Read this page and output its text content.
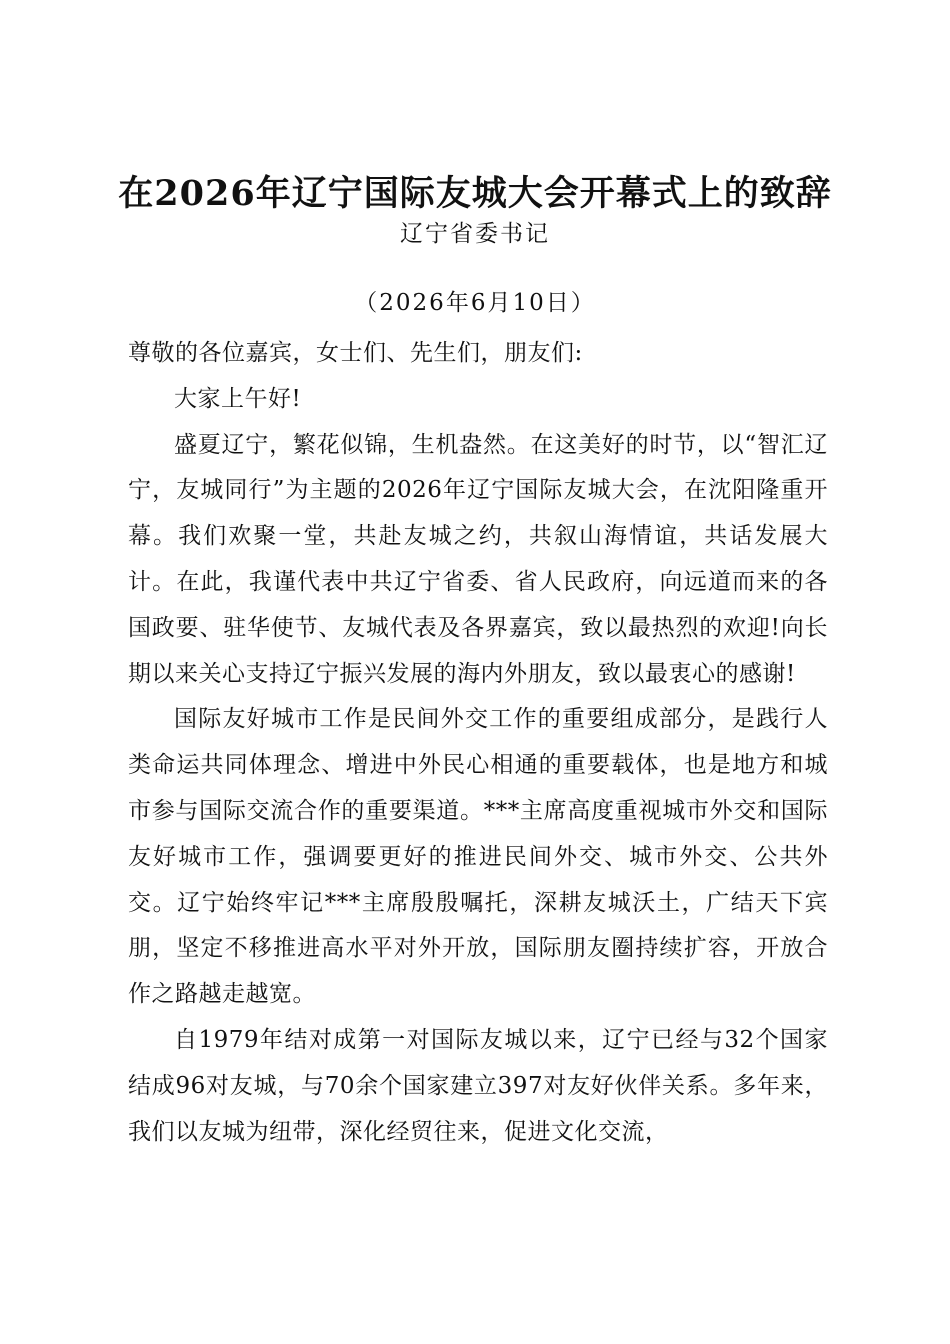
在2026年辽宁国际友城大会开幕式上的致辞
辽宁省委书记
（2026年6月10日）

尊敬的各位嘉宾，女士们、先生们，朋友们:

大家上午好!

盛夏辽宁，繁花似锦，生机盎然。在这美好的时节，以“智汇辽宁，友城同行”为主题的2026年辽宁国际友城大会，在沈阳隆重开幕。我们欢聚一堂，共赴友城之约，共叙山海情谊，共话发展大计。在此，我谨代表中共辽宁省委、省人民政府，向远道而来的各国政要、驻华使节、友城代表及各界嘉宾，致以最热烈的欢迎!向长期以来关心支持辽宁振兴发展的海内外朋友，致以最衷心的感谢!

国际友好城市工作是民间外交工作的重要组成部分，是践行人类命运共同体理念、增进中外民心相通的重要载体，也是地方和城市参与国际交流合作的重要渠道。***主席高度重视城市外交和国际友好城市工作，强调要更好的推进民间外交、城市外交、公共外交。辽宁始终牢记***主席殷殷嘱托，深耕友城沃土，广结天下宾朋，坚定不移推进高水平对外开放，国际朋友圈持续扩容，开放合作之路越走越宽。

自1979年结对成第一对国际友城以来，辽宁已经与32个国家结成96对友城，与70余个国家建立397对友好伙伴关系。多年来，我们以友城为纽带，深化经贸往来，促进文化交流，
